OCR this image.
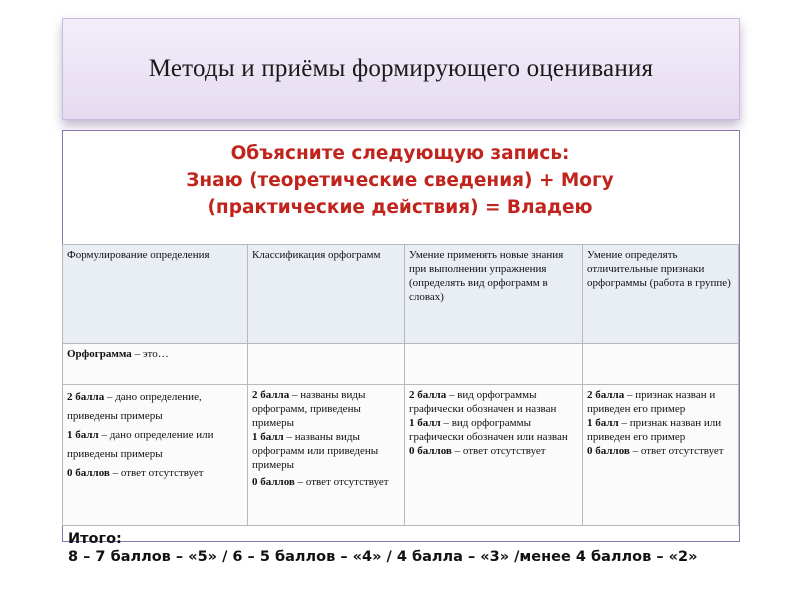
Методы и приёмы формирующего оценивания
Объясните следующую запись:
Знаю (теоретические сведения) + Могу
(практические действия) = Владею
Формулирование определения	Классификация орфограмм	Умение применять новые знания при выполнении упражнения (определять вид орфограмм в словах)	Умение определять отличительные признаки орфограммы (работа в группе)
Орфограмма – это…			

2 балла – дано определение, приведены примеры
1 балл – дано определение или приведены примеры
0 баллов – ответ отсутствует	2 балла – названы виды орфограмм, приведены примеры
1 балл – названы виды орфограмм или приведены примеры
0 баллов – ответ отсутствует	2 балла – вид орфограммы графически обозначен и назван
1 балл – вид орфограммы графически обозначен или назван
0 баллов – ответ отсутствует	2 балла – признак назван и приведен его пример
1 балл – признак назван или приведен его пример
0 баллов – ответ отсутствует
Итого:
8 – 7 баллов – «5» / 6 – 5 баллов – «4» / 4 балла – «3» /менее 4 баллов – «2»
